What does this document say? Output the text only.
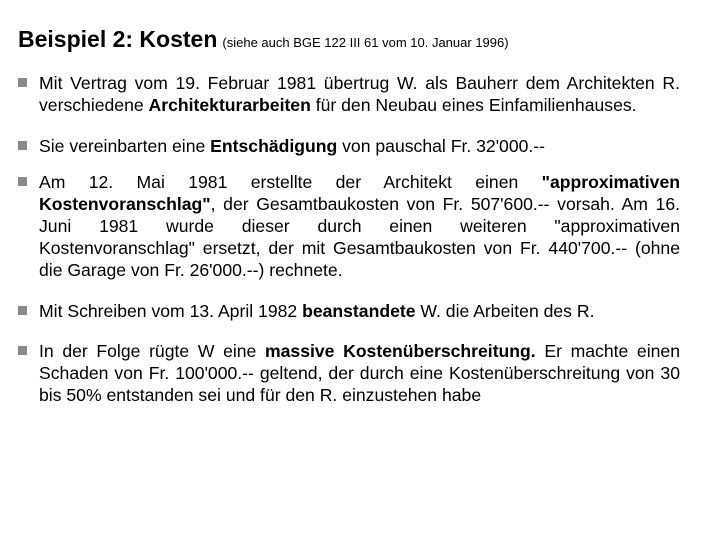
Beispiel 2: Kosten (siehe auch BGE 122 III 61 vom 10. Januar 1996)
Mit Vertrag vom 19. Februar 1981 übertrug W. als Bauherr dem Architekten R. verschiedene Architekturarbeiten für den Neubau eines Einfamilienhauses.
Sie vereinbarten eine Entschädigung von pauschal Fr. 32'000.--
Am 12. Mai 1981 erstellte der Architekt einen "approximativen Kostenvoranschlag", der Gesamtbaukosten von Fr. 507'600.-- vorsah. Am 16. Juni 1981 wurde dieser durch einen weiteren "approximativen Kostenvoranschlag" ersetzt, der mit Gesamtbaukosten von Fr. 440'700.-- (ohne die Garage von Fr. 26'000.--) rechnete.
Mit Schreiben vom 13. April 1982 beanstandete W. die Arbeiten des R.
In der Folge rügte W eine massive Kostenüberschreitung. Er machte einen Schaden von Fr. 100'000.-- geltend, der durch eine Kostenüberschreitung von 30 bis 50% entstanden sei und für den R. einzustehen habe
